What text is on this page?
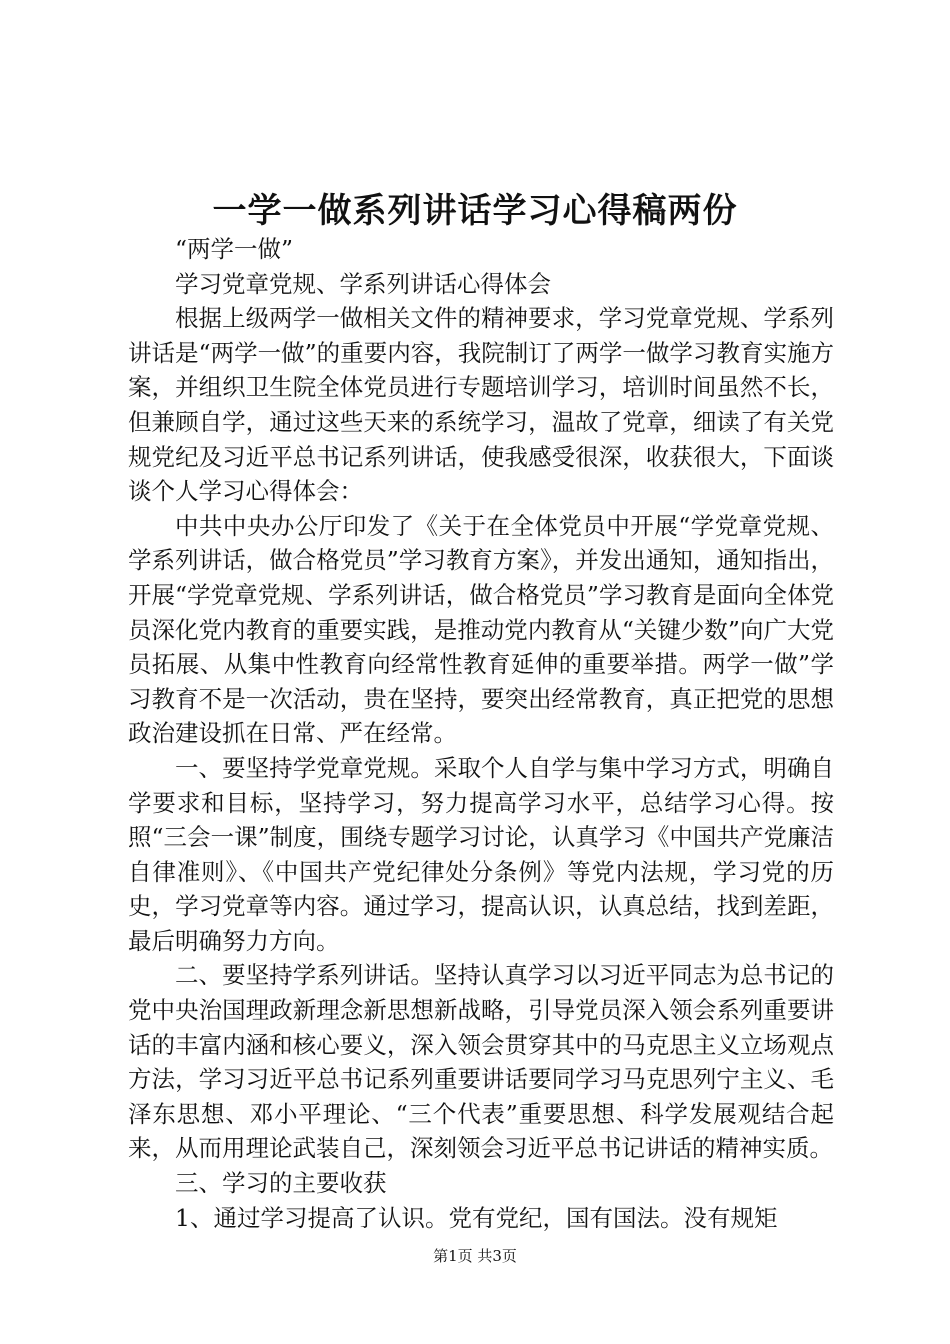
一学一做系列讲话学习心得稿两份

“两学一做”

学习党章党规、学系列讲话心得体会

根据上级两学一做相关文件的精神要求，学习党章党规、学系列讲话是“两学一做”的重要内容，我院制订了两学一做学习教育实施方案，并组织卫生院全体党员进行专题培训学习，培训时间虽然不长，但兼顾自学，通过这些天来的系统学习，温故了党章，细读了有关党规党纪及习近平总书记系列讲话，使我感受很深，收获很大，下面谈谈个人学习心得体会：

中共中央办公厅印发了《关于在全体党员中开展“学党章党规、学系列讲话，做合格党员”学习教育方案》，并发出通知，通知指出，开展“学党章党规、学系列讲话，做合格党员”学习教育是面向全体党员深化党内教育的重要实践，是推动党内教育从“关键少数”向广大党员拓展、从集中性教育向经常性教育延伸的重要举措。两学一做”学习教育不是一次活动，贵在坚持，要突出经常教育，真正把党的思想政治建设抓在日常、严在经常。

一、要坚持学党章党规。采取个人自学与集中学习方式，明确自学要求和目标，坚持学习，努力提高学习水平，总结学习心得。按照“三会一课”制度，围绕专题学习讨论，认真学习《中国共产党廉洁自律准则》、《中国共产党纪律处分条例》等党内法规，学习党的历史，学习党章等内容。通过学习，提高认识，认真总结，找到差距，最后明确努力方向。

二、要坚持学系列讲话。坚持认真学习以习近平同志为总书记的党中央治国理政新理念新思想新战略，引导党员深入领会系列重要讲话的丰富内涵和核心要义，深入领会贯穿其中的马克思主义立场观点方法，学习习近平总书记系列重要讲话要同学习马克思列宁主义、毛泽东思想、邓小平理论、“三个代表”重要思想、科学发展观结合起来，从而用理论武装自己，深刻领会习近平总书记讲话的精神实质。

三、学习的主要收获

1、通过学习提高了认识。党有党纪，国有国法。没有规矩

第1页 共3页
